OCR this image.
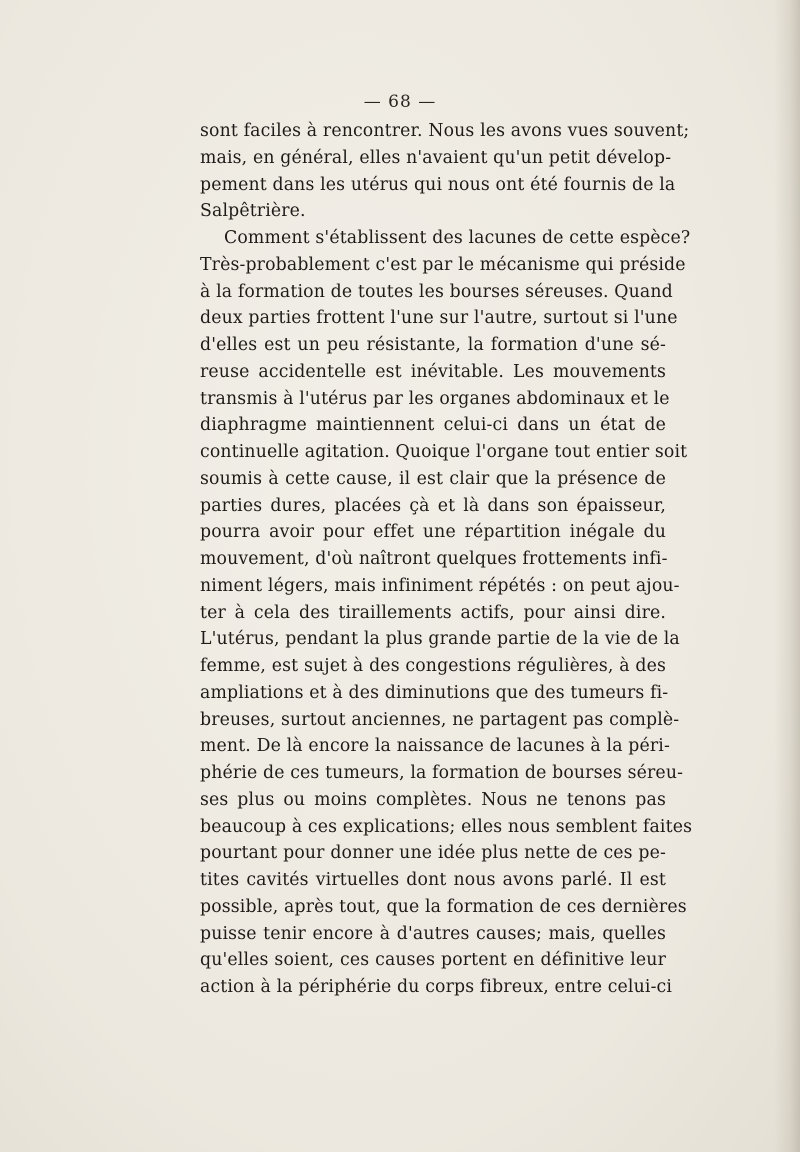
— 68 —
sont faciles à rencontrer. Nous les avons vues souvent;
mais, en général, elles n'avaient qu'un petit dévelop-
pement dans les utérus qui nous ont été fournis de la
Salpêtrière.
Comment s'établissent des lacunes de cette espèce?
Très-probablement c'est par le mécanisme qui préside
à la formation de toutes les bourses séreuses. Quand
deux parties frottent l'une sur l'autre, surtout si l'une
d'elles est un peu résistante, la formation d'une sé-
reuse accidentelle est inévitable. Les mouvements
transmis à l'utérus par les organes abdominaux et le
diaphragme maintiennent celui-ci dans un état de
continuelle agitation. Quoique l'organe tout entier soit
soumis à cette cause, il est clair que la présence de
parties dures, placées çà et là dans son épaisseur,
pourra avoir pour effet une répartition inégale du
mouvement, d'où naîtront quelques frottements infi-
niment légers, mais infiniment répétés : on peut ajou-
ter à cela des tiraillements actifs, pour ainsi dire.
L'utérus, pendant la plus grande partie de la vie de la
femme, est sujet à des congestions régulières, à des
ampliations et à des diminutions que des tumeurs fi-
breuses, surtout anciennes, ne partagent pas complè-
ment. De là encore la naissance de lacunes à la péri-
phérie de ces tumeurs, la formation de bourses séreu-
ses plus ou moins complètes. Nous ne tenons pas
beaucoup à ces explications; elles nous semblent faites
pourtant pour donner une idée plus nette de ces pe-
tites cavités virtuelles dont nous avons parlé. Il est
possible, après tout, que la formation de ces dernières
puisse tenir encore à d'autres causes; mais, quelles
qu'elles soient, ces causes portent en définitive leur
action à la périphérie du corps fibreux, entre celui-ci
